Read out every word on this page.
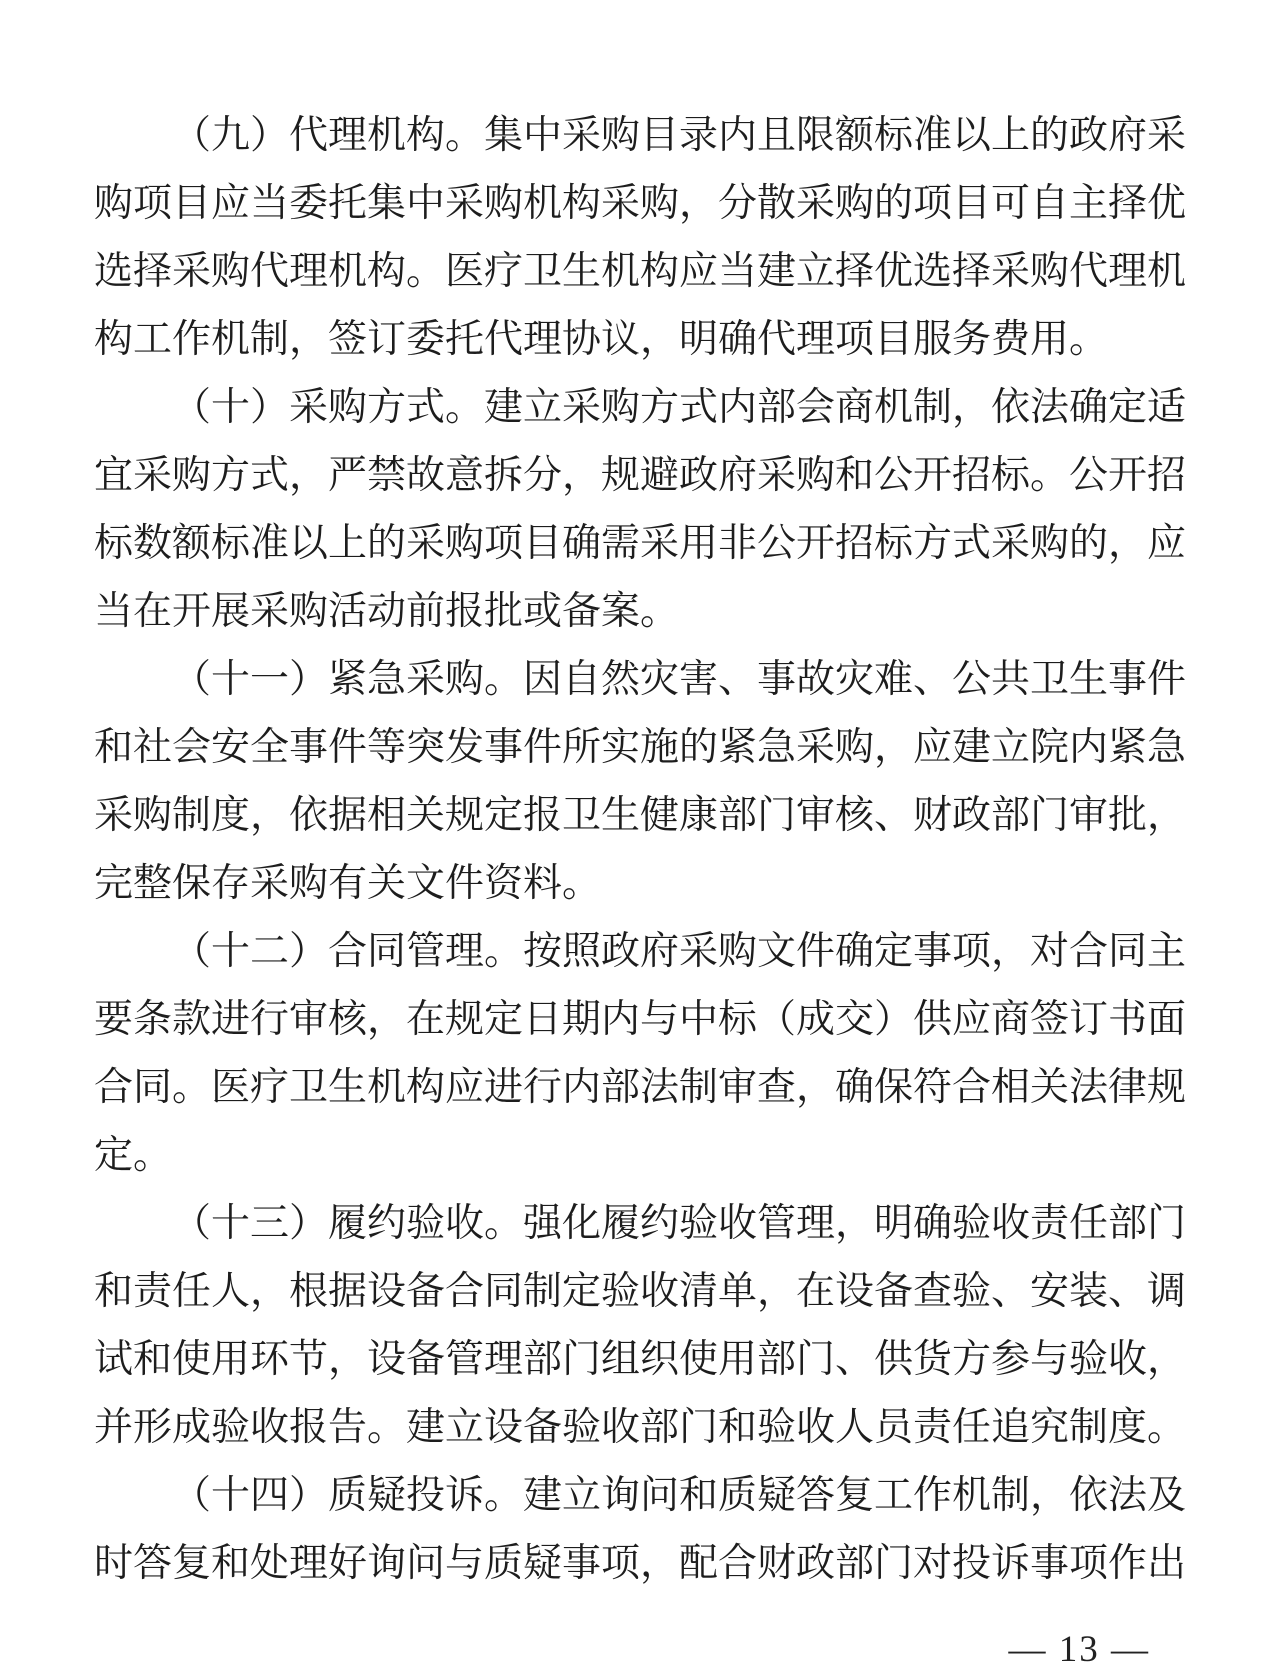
（九）代理机构。集中采购目录内且限额标准以上的政府采
购项目应当委托集中采购机构采购，分散采购的项目可自主择优
选择采购代理机构。医疗卫生机构应当建立择优选择采购代理机
构工作机制，签订委托代理协议，明确代理项目服务费用。
（十）采购方式。建立采购方式内部会商机制，依法确定适
宜采购方式，严禁故意拆分，规避政府采购和公开招标。公开招
标数额标准以上的采购项目确需采用非公开招标方式采购的，应
当在开展采购活动前报批或备案。
（十一）紧急采购。因自然灾害、事故灾难、公共卫生事件
和社会安全事件等突发事件所实施的紧急采购，应建立院内紧急
采购制度，依据相关规定报卫生健康部门审核、财政部门审批，
完整保存采购有关文件资料。
（十二）合同管理。按照政府采购文件确定事项，对合同主
要条款进行审核，在规定日期内与中标（成交）供应商签订书面
合同。医疗卫生机构应进行内部法制审查，确保符合相关法律规
定。
（十三）履约验收。强化履约验收管理，明确验收责任部门
和责任人，根据设备合同制定验收清单，在设备查验、安装、调
试和使用环节，设备管理部门组织使用部门、供货方参与验收，
并形成验收报告。建立设备验收部门和验收人员责任追究制度。
（十四）质疑投诉。建立询问和质疑答复工作机制，依法及
时答复和处理好询问与质疑事项，配合财政部门对投诉事项作出
— 13 —
